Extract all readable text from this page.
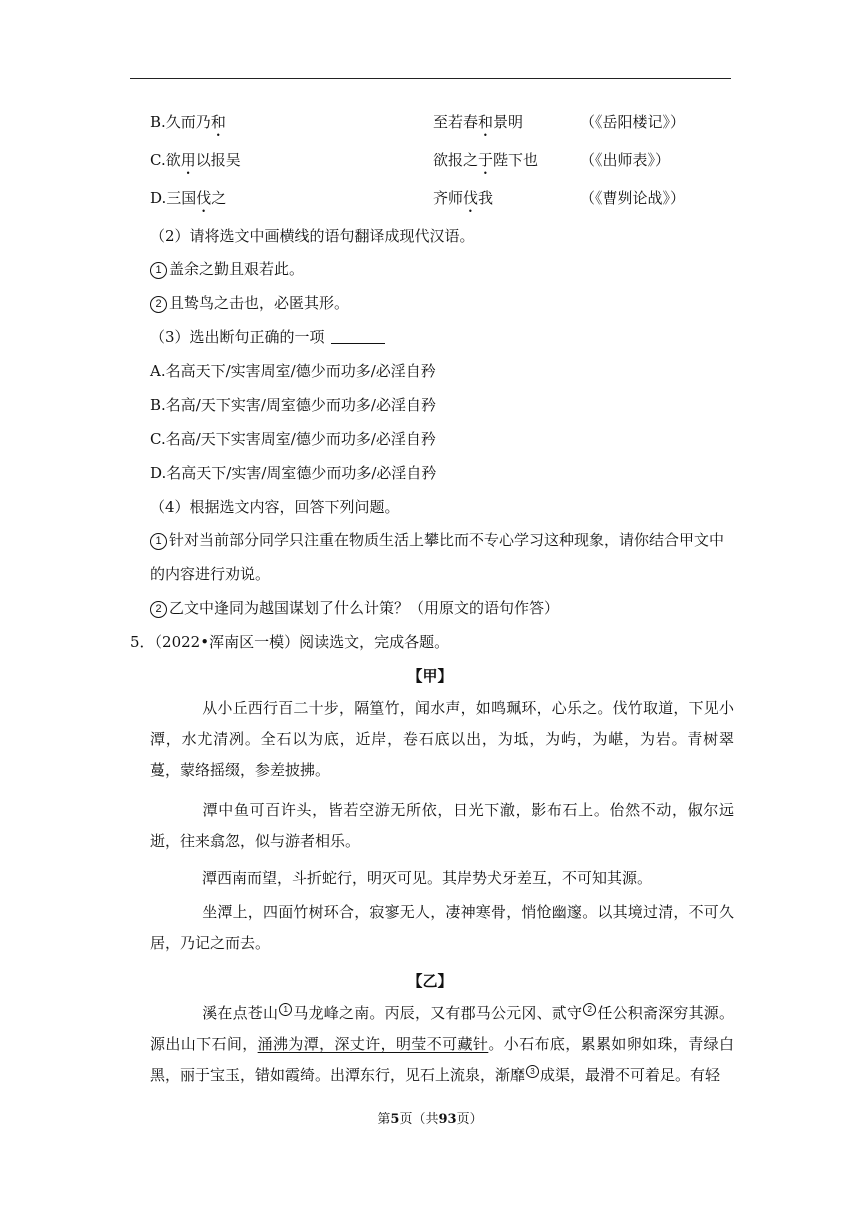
B.久而乃和	至若春和景明	（《岳阳楼记》）
C.欲用以报吴	欲报之于陛下也	（《出师表》）
D.三国伐之	齐师伐我	（《曹刿论战》）
（2）请将选文中画横线的语句翻译成现代汉语。
1 盖余之勤且艰若此。
2 且鸷鸟之击也，必匿其形。
（3）选出断句正确的一项
A.名高天下/实害周室/德少而功多/必淫自矜
B.名高/天下实害/周室德少而功多/必淫自矜
C.名高/天下实害周室/德少而功多/必淫自矜
D.名高天下/实害/周室德少而功多/必淫自矜
（4）根据选文内容，回答下列问题。
1 针对当前部分同学只注重在物质生活上攀比而不专心学习这种现象，请你结合甲文中
的内容进行劝说。
2 乙文中逢同为越国谋划了什么计策？（用原文的语句作答）
5．（2022•浑南区一模）阅读选文，完成各题。
【甲】
从小丘西行百二十步，隔篁竹，闻水声，如鸣珮环，心乐之。伐竹取道，下见小潭，水尤清冽。全石以为底，近岸，卷石底以出，为坻，为屿，为嵁，为岩。青树翠蔓，蒙络摇缀，参差披拂。
潭中鱼可百许头，皆若空游无所依，日光下澈，影布石上。佁然不动，俶尔远逝，往来翕忽，似与游者相乐。
潭西南而望，斗折蛇行，明灭可见。其岸势犬牙差互，不可知其源。
坐潭上，四面竹树环合，寂寥无人，凄神寒骨，悄怆幽邃。以其境过清，不可久居，乃记之而去。
【乙】
溪在点苍山 1 马龙峰之南。丙辰，又有郡马公元冈、贰守 2 任公积斋深穷其源。源出山下石间，涌沸为潭，深丈许，明莹不可藏针。小石布底，累累如卵如珠，青绿白黑，丽于宝玉，错如霞绮。出潭东行，见石上流泉，渐靡 3 成渠，最滑不可着足。有轻
第5页（共93页）
